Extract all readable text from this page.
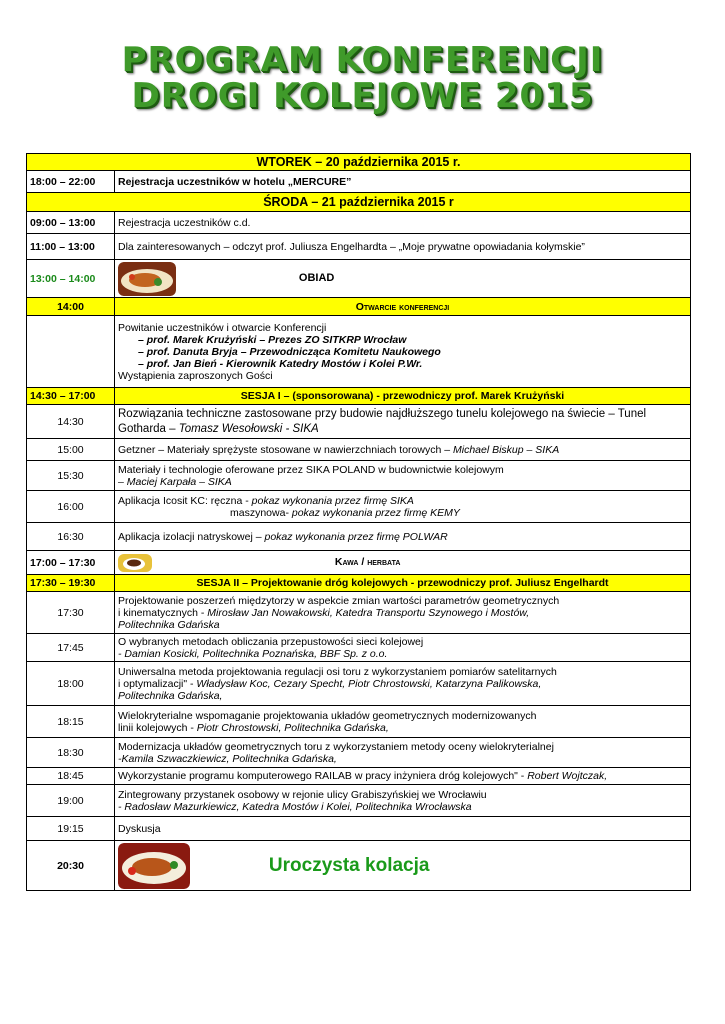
PROGRAM KONFERENCJI
DROGI KOLEJOWE 2015
WTOREK – 20 października 2015 r.	
18:00 – 22:00	Rejestracja uczestników w hotelu „MERCURE”
ŚRODA – 21 października 2015 r	
09:00 – 13:00	Rejestracja uczestników c.d.
11:00 – 13:00	Dla zainteresowanych – odczyt prof. Juliusza Engelhardta – „Moje prywatne opowiadania kołymskie”
13:00 – 14:00	OBIAD
14:00	Otwarcie konferencji

	Powitanie uczestników i otwarcie Konferencji
– prof. Marek Krużyński – Prezes ZO SITKRP Wrocław
– prof. Danuta Bryja – Przewodnicząca Komitetu Naukowego
– prof. Jan Bień - Kierownik Katedry Mostów i Kolei P.Wr.
Wystąpienia zaproszonych Gości

14:30 – 17:00	SESJA I – (sponsorowana) - przewodniczy prof. Marek Krużyński
14:30	Rozwiązania techniczne zastosowane przy budowie najdłuższego tunelu kolejowego na świecie – Tunel Gotharda – Tomasz Wesołowski - SIKA
15:00	Getzner – Materiały sprężyste stosowane w nawierzchniach torowych – Michael Biskup – SIKA
15:30	Materiały i technologie oferowane przez SIKA POLAND w budownictwie kolejowym
– Maciej Karpała – SIKA
16:00	Aplikacja Icosit KC: ręczna - pokaz wykonania przez firmę SIKA
maszynowa- pokaz wykonania przez firmę KEMY

16:30	Aplikacja izolacji natryskowej – pokaz wykonania przez firmę POLWAR
17:00 – 17:30	Kawa / herbata
17:30 – 19:30	SESJA II – Projektowanie dróg kolejowych - przewodniczy prof. Juliusz Engelhardt
17:30	Projektowanie poszerzeń międzytorzy w aspekcie zmian wartości parametrów geometrycznych
i kinematycznych - Mirosław Jan Nowakowski, Katedra Transportu Szynowego i Mostów,
Politechnika Gdańska

17:45	O wybranych metodach obliczania przepustowości sieci kolejowej
- Damian Kosicki, Politechnika Poznańska, BBF Sp. z o.o.
18:00	Uniwersalna metoda projektowania regulacji osi toru z wykorzystaniem pomiarów satelitarnych
i optymalizacji" - Władysław Koc, Cezary Specht, Piotr Chrostowski, Katarzyna Palikowska,
Politechnika Gdańska,

18:15	Wielokryterialne wspomaganie projektowania układów geometrycznych modernizowanych
linii kolejowych - Piotr Chrostowski, Politechnika Gdańska,

18:30	Modernizacja układów geometrycznych toru z wykorzystaniem metody oceny wielokryterialnej
-Kamila Szwaczkiewicz, Politechnika Gdańska,
18:45	Wykorzystanie programu komputerowego RAILAB w pracy inżyniera dróg kolejowych" - Robert Wojtczak,
19:00	Zintegrowany przystanek osobowy w rejonie ulicy Grabiszyńskiej we Wrocławiu
- Radosław Mazurkiewicz, Katedra Mostów i Kolei, Politechnika Wrocławska
19:15	Dyskusja
20:30	Uroczysta kolacja
